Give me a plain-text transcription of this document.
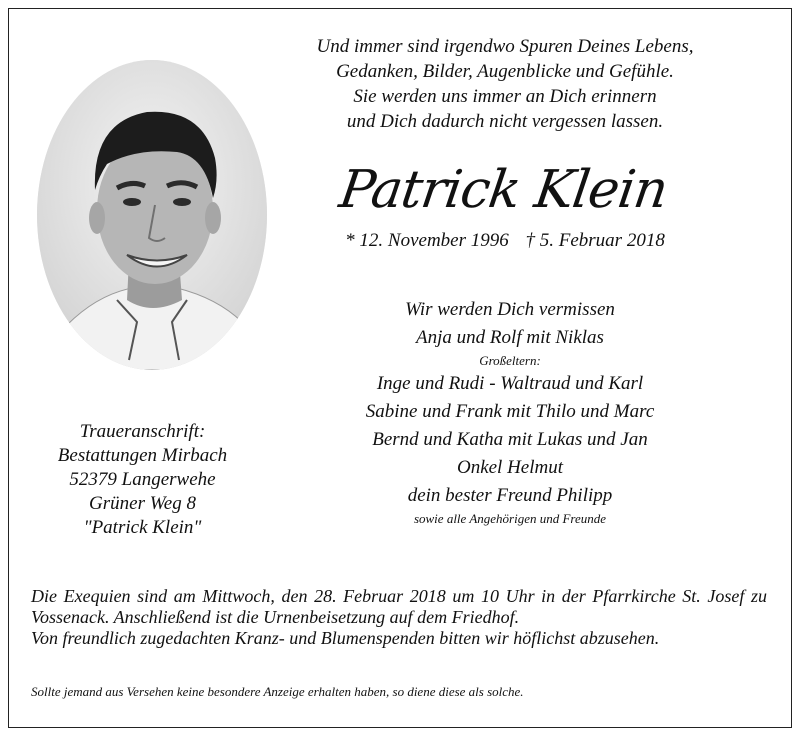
Und immer sind irgendwo Spuren Deines Lebens,
Gedanken, Bilder, Augenblicke und Gefühle.
Sie werden uns immer an Dich erinnern
und Dich dadurch nicht vergessen lassen.
Patrick Klein
* 12. November 1996 † 5. Februar 2018
Traueranschrift:
Bestattungen Mirbach
52379 Langerwehe
Grüner Weg 8
"Patrick Klein"
Wir werden Dich vermissen
Anja und Rolf mit Niklas
Großeltern:
Inge und Rudi - Waltraud und Karl
Sabine und Frank mit Thilo und Marc
Bernd und Katha mit Lukas und Jan
Onkel Helmut
dein bester Freund Philipp
sowie alle Angehörigen und Freunde
Die Exequien sind am Mittwoch, den 28. Februar 2018 um 10 Uhr in der Pfarrkirche St. Josef zu Vossenack. Anschließend ist die Urnenbeisetzung auf dem Friedhof.
Von freundlich zugedachten Kranz- und Blumenspenden bitten wir höflichst abzusehen.
Sollte jemand aus Versehen keine besondere Anzeige erhalten haben, so diene diese als solche.
